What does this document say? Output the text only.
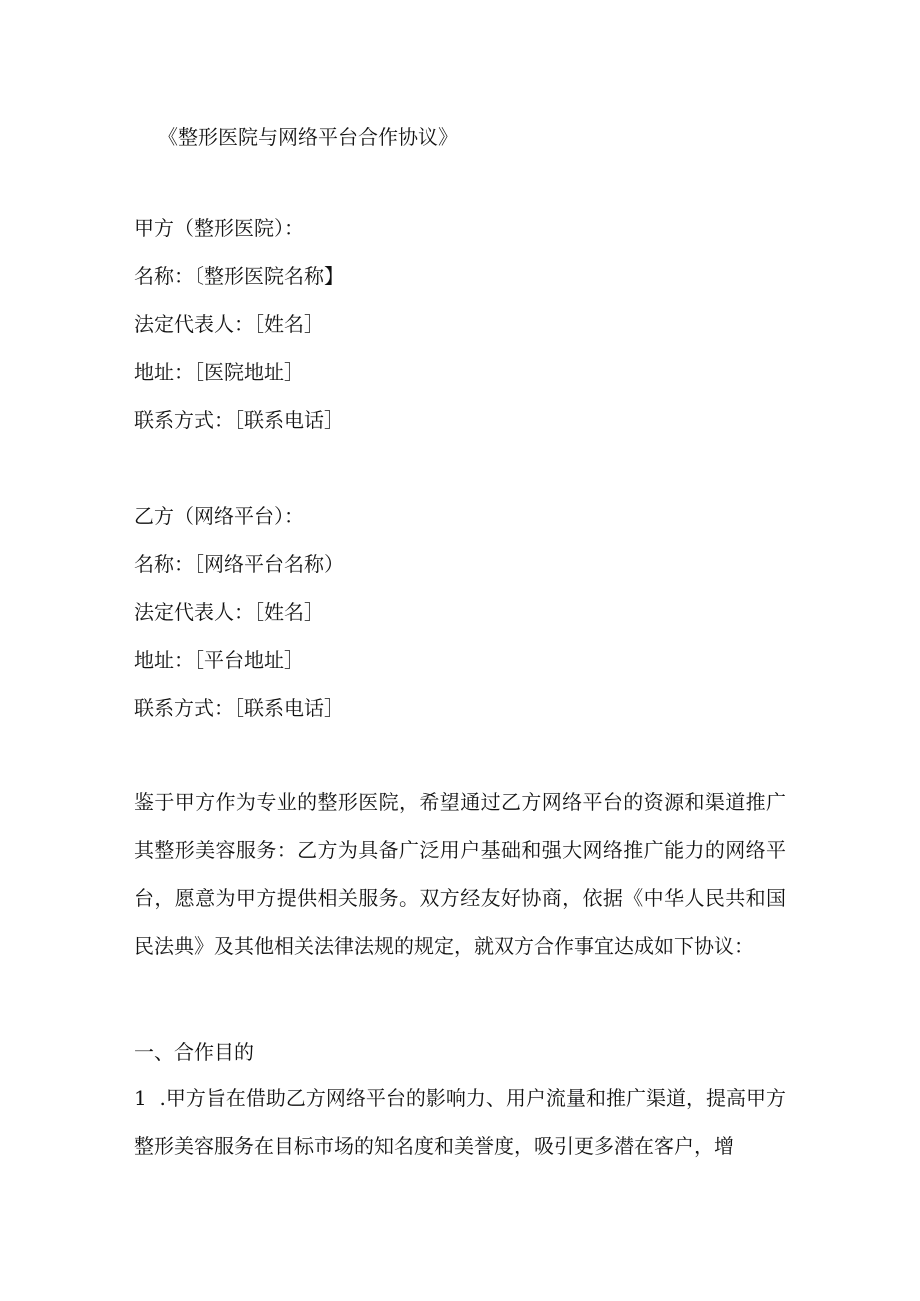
《整形医院与网络平台合作协议》
甲方（整形医院）：
名称：〔整形医院名称】
法定代表人：［姓名］
地址：［医院地址］
联系方式：［联系电话］
乙方（网络平台）：
名称：［网络平台名称）
法定代表人：［姓名］
地址：［平台地址］
联系方式：［联系电话］
鉴于甲方作为专业的整形医院，希望通过乙方网络平台的资源和渠道推广其整形美容服务：乙方为具备广泛用户基础和强大网络推广能力的网络平台，愿意为甲方提供相关服务。双方经友好协商，依据《中华人民共和国民法典》及其他相关法律法规的规定，就双方合作事宜达成如下协议：
一、合作目的
1  .甲方旨在借助乙方网络平台的影响力、用户流量和推广渠道，提高甲方整形美容服务在目标市场的知名度和美誉度，吸引更多潜在客户，增
